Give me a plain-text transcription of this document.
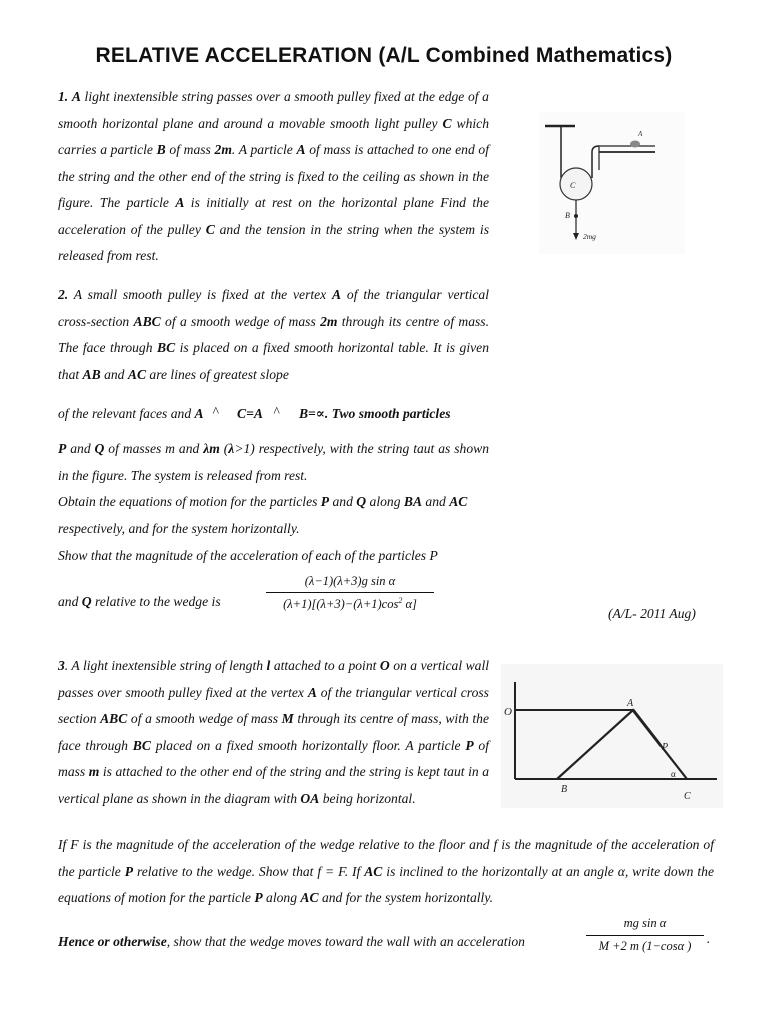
RELATIVE ACCELERATION (A/L Combined Mathematics)
1. A light inextensible string passes over a smooth pulley fixed at the edge of a smooth horizontal plane and around a movable smooth light pulley C which carries a particle B of mass 2m. A particle A of mass is attached to one end of the string and the other end of the string is fixed to the ceiling as shown in the figure. The particle A is initially at rest on the horizontal plane Find the acceleration of the pulley C and the tension in the string when the system is released from rest.
C
A
B
2mg
2. A small smooth pulley is fixed at the vertex A of the triangular vertical cross-section ABC of a smooth wedge of mass 2m through its centre of mass. The face through BC is placed on a fixed smooth horizontal table. It is given that AB and AC are lines of greatest slope
of the relevant faces and A ^ C=A ^ B=∝. Two smooth particles
P and Q of masses m and λm (λ>1) respectively, with the string taut as shown in the figure. The system is released from rest.
Obtain the equations of motion for the particles P and Q along BA and AC respectively, and for the system horizontally.
Show that the magnitude of the acceleration of each of the particles P
and Q relative to the wedge is
(λ−1)(λ+3)g sin α
$(\lambda+1)[(\lambda+3)-(\lambda+1)\cos^2$ α]
(A/L- 2011 Aug)
3. A light inextensible string of length l attached to a point O on a vertical wall passes over smooth pulley fixed at the vertex A of the triangular vertical cross section ABC of a smooth wedge of mass M through its centre of mass, with the face through BC placed on a fixed smooth horizontally floor. A particle P of mass m is attached to the other end of the string and the string is kept taut in a vertical plane as shown in the diagram with OA being horizontal.
O
A
P
B
C
α
If F is the magnitude of the acceleration of the wedge relative to the floor and f is the magnitude of the acceleration of the particle P relative to the wedge. Show that f = F. If AC is inclined to the horizontally at an angle α, write down the equations of motion for the particle P along AC and for the system horizontally.
Hence or otherwise, show that the wedge moves toward the wall with an acceleration
mg sin α
M +2 m (1−cosα )	·
